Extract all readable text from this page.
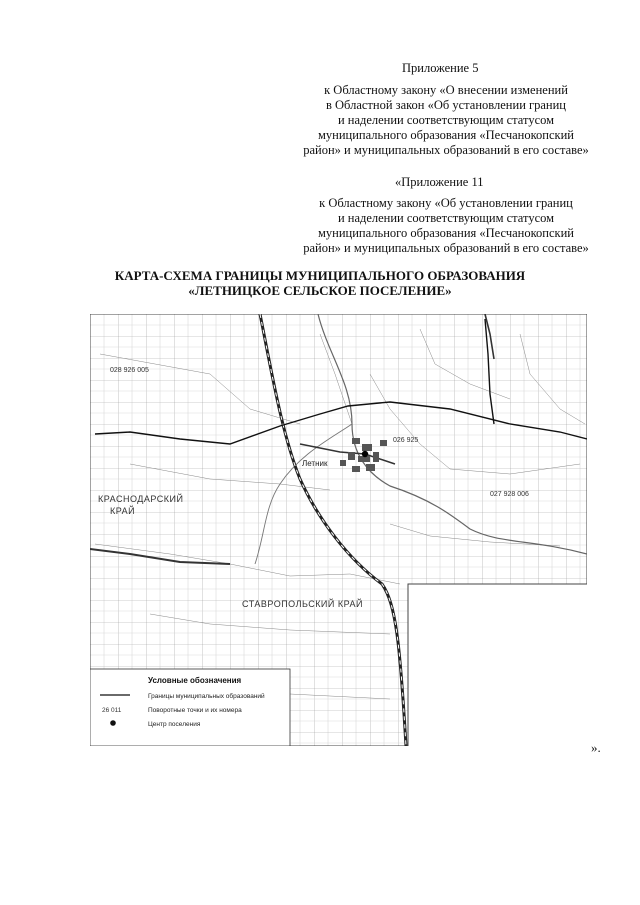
Приложение 5
к Областному закону «О внесении изменений
в Областной закон «Об установлении границ
и наделении соответствующим статусом
муниципального образования «Песчанокопский
район» и муниципальных образований в его составе»
«Приложение 11
к Областному закону «Об установлении границ
и наделении соответствующим статусом
муниципального образования «Песчанокопский
район» и муниципальных образований в его составе»
КАРТА-СХЕМА ГРАНИЦЫ МУНИЦИПАЛЬНОГО ОБРАЗОВАНИЯ
«ЛЕТНИЦКОЕ СЕЛЬСКОЕ ПОСЕЛЕНИЕ»
Летник
КРАСНОДАРСКИЙ
КРАЙ
СТАВРОПОЛЬСКИЙ КРАЙ
026 925
027 928 006
028 926 005
Условные обозначения
Границы муниципальных образований
26 011	Поворотные точки и их номера
Центр поселения
».
